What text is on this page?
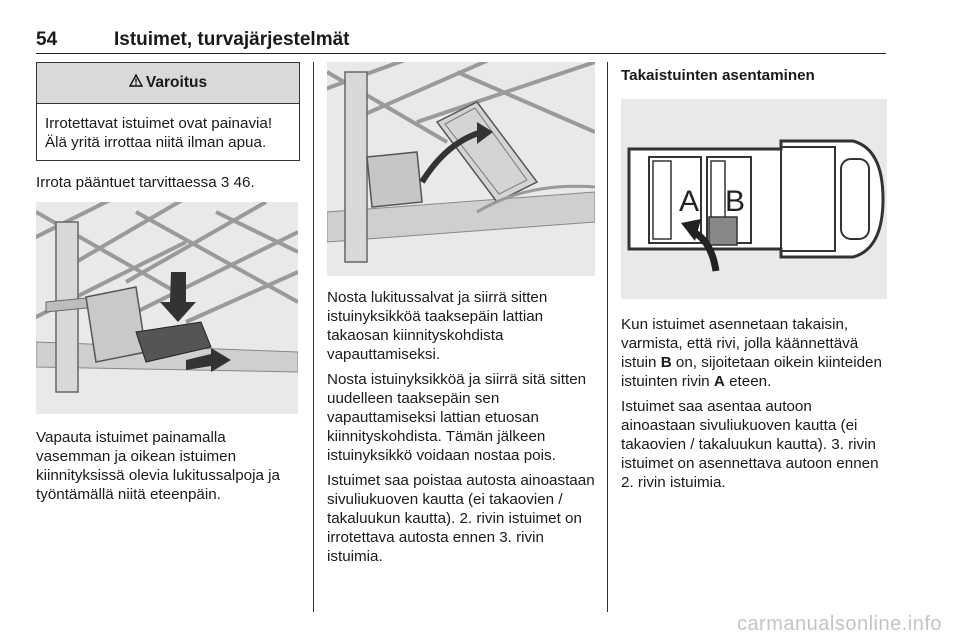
54	Istuimet, turvajärjestelmät
Varoitus
Irrotettavat istuimet ovat painavia! Älä yritä irrottaa niitä ilman apua.

Irrota pääntuet tarvittaessa 3 46.

Vapauta istuimet painamalla vasemman ja oikean istuimen kiinnityksissä olevia lukitussalpoja ja työntämällä niitä eteenpäin.

Nosta lukitussalvat ja siirrä sitten istuinyksikköä taaksepäin lattian takaosan kiinnityskohdista vapauttamiseksi.

Nosta istuinyksikköä ja siirrä sitä sitten uudelleen taaksepäin sen vapauttamiseksi lattian etuosan kiinnityskohdista. Tämän jälkeen istuinyksikkö voidaan nostaa pois.

Istuimet saa poistaa autosta ainoastaan sivuliukuoven kautta (ei takaovien / takaluukun kautta). 2. rivin istuimet on irrotettava autosta ennen 3. rivin istuimia.

Takaistuinten asentaminen
A B

Kun istuimet asennetaan takaisin, varmista, että rivi, jolla käännettävä istuin B on, sijoitetaan oikein kiinteiden istuinten rivin A eteen.

Istuimet saa asentaa autoon ainoastaan sivuliukuoven kautta (ei takaovien / takaluukun kautta). 3. rivin istuimet on asennettava autoon ennen 2. rivin istuimia.

carmanualsonline.info
